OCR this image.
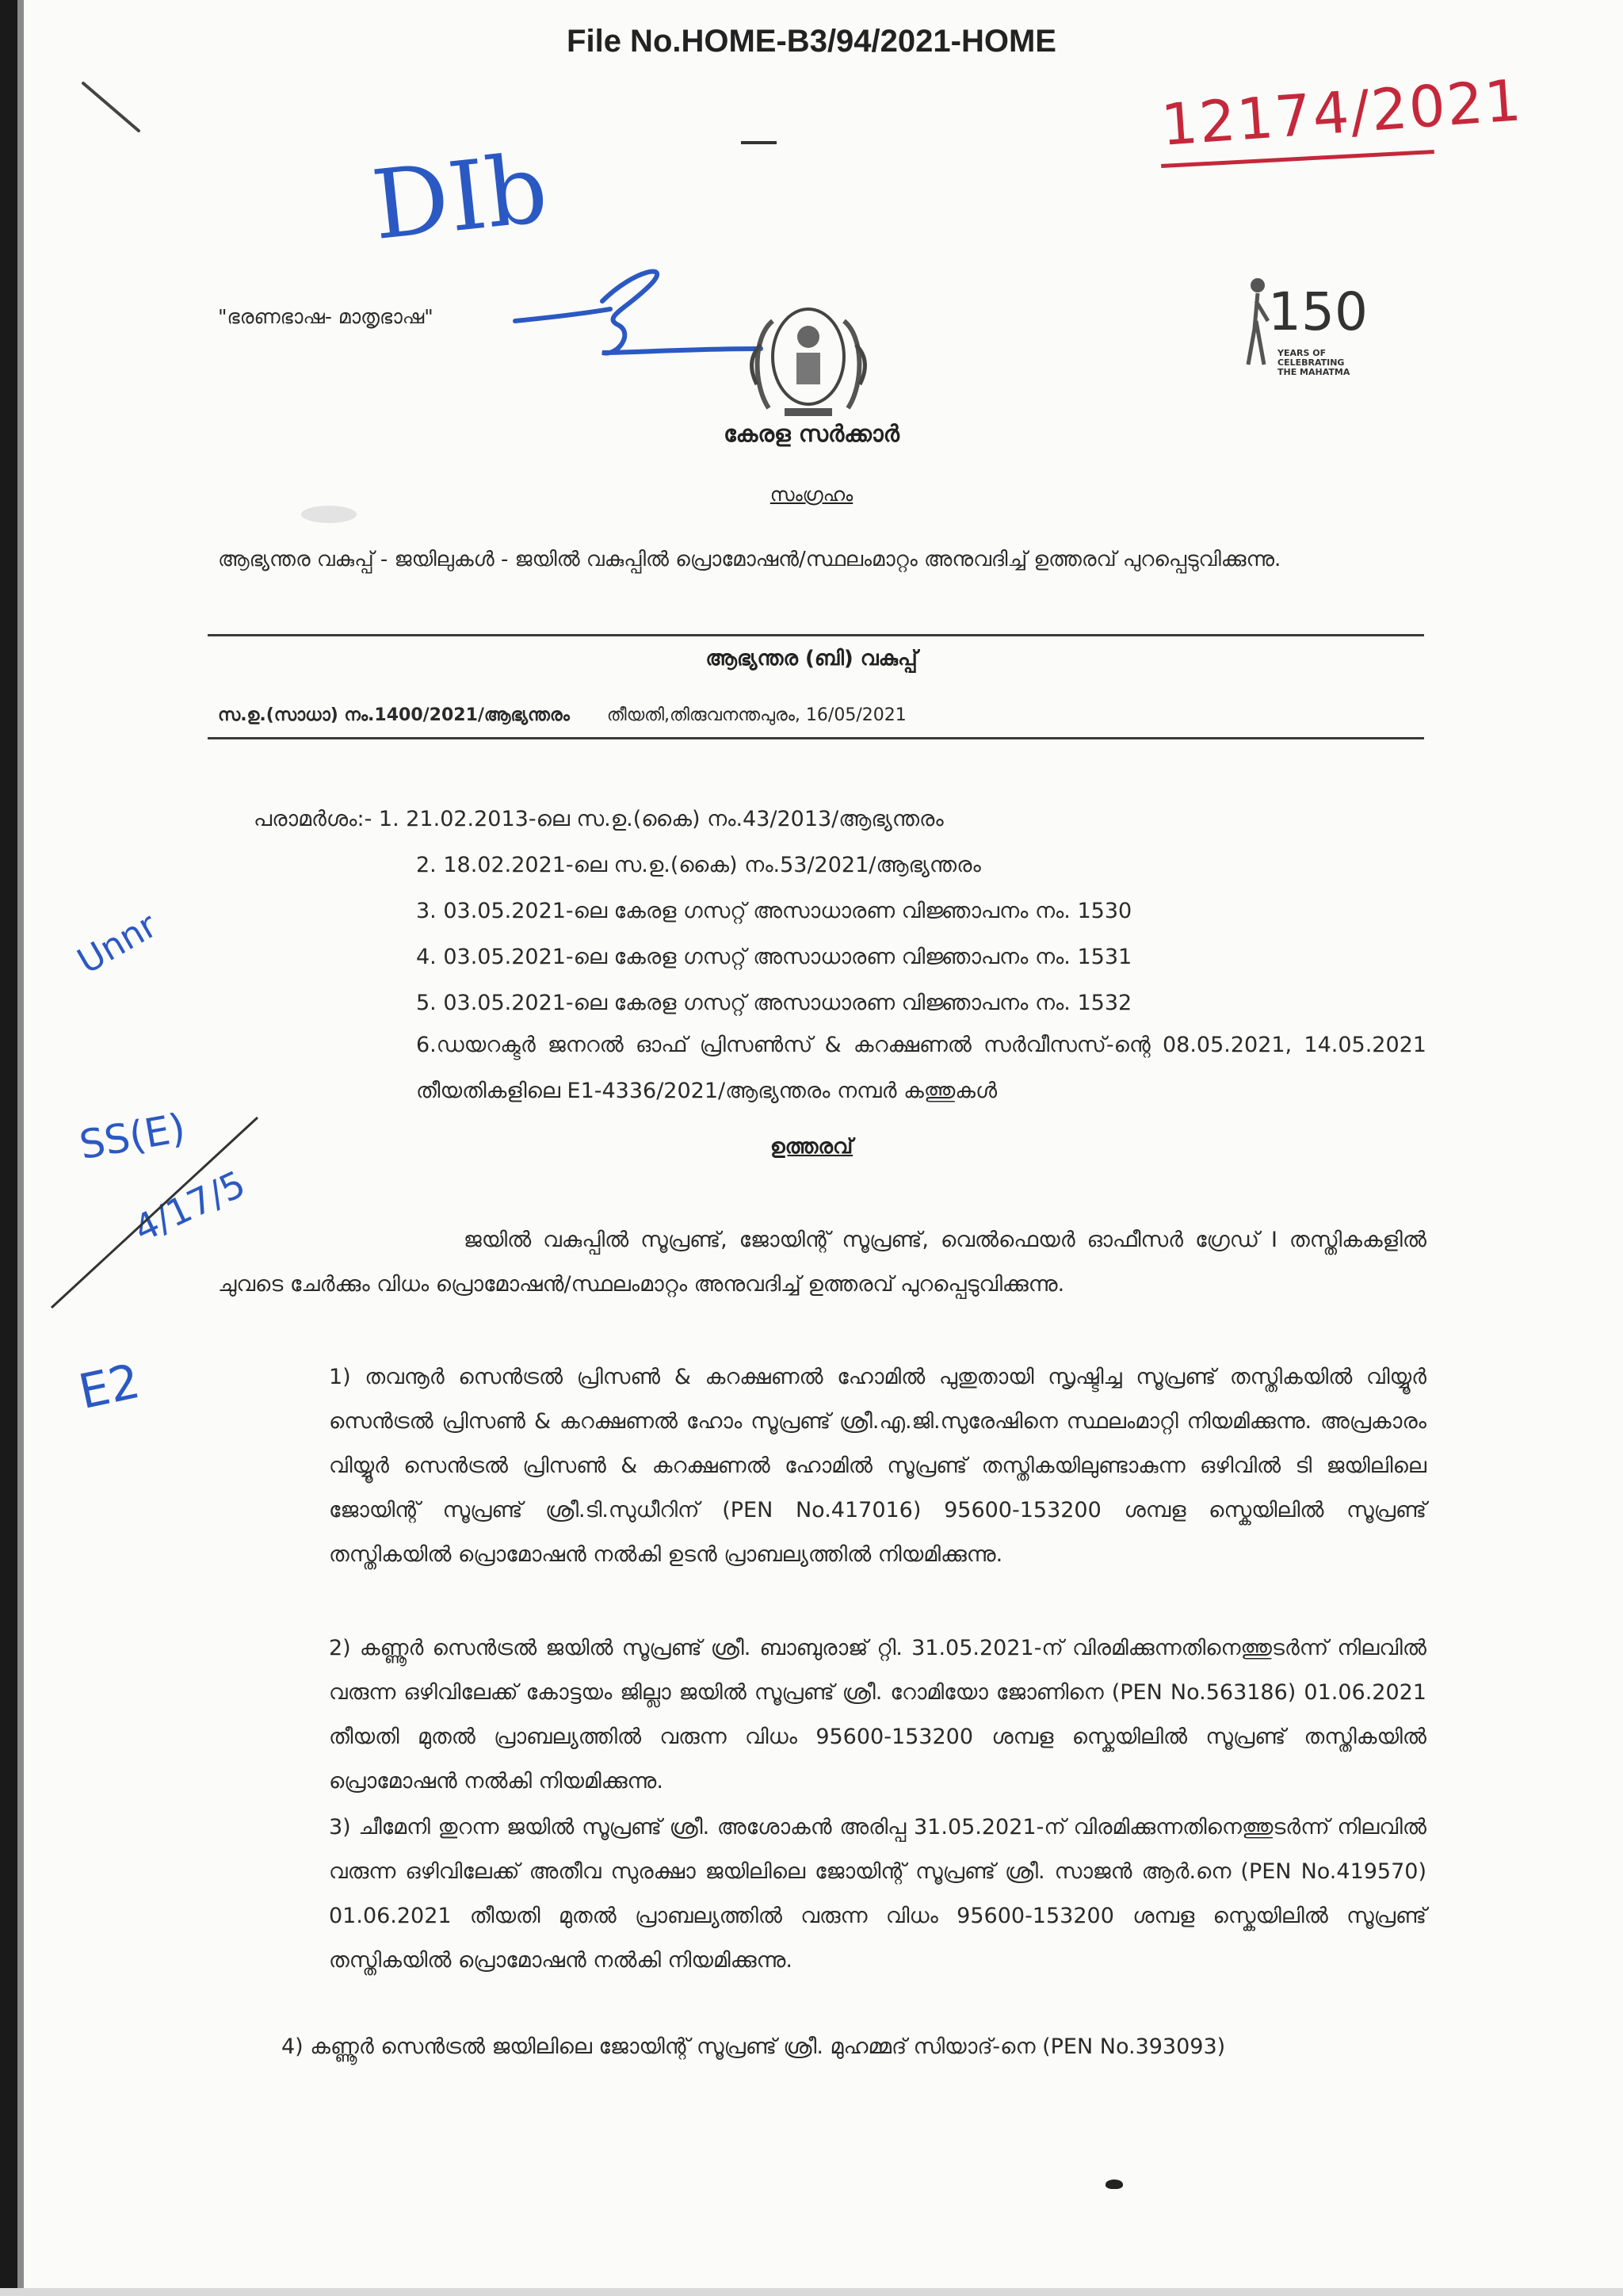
File No.HOME-B3/94/2021-HOME
12174/2021
DIb
"ഭരണഭാഷ- മാതൃഭാഷ"	150
YEARS OF
CELEBRATING
THE MAHATMA
കേരള സർക്കാർ
സംഗ്രഹം
ആഭ്യന്തര വകുപ്പ് - ജയിലുകൾ - ജയിൽ വകുപ്പിൽ പ്രൊമോഷൻ/സ്ഥലംമാറ്റം അനുവദിച്ച് ഉത്തരവ് പുറപ്പെടുവിക്കുന്നു.
ആഭ്യന്തര (ബി) വകുപ്പ്
സ.ഉ.(സാധാ) നം.1400/2021/ആഭ്യന്തരം തീയതി,തിരുവനന്തപുരം, 16/05/2021
പരാമർശം:- 1. 21.02.2013-ലെ സ.ഉ.(കൈ) നം.43/2013/ആഭ്യന്തരം
2. 18.02.2021-ലെ സ.ഉ.(കൈ) നം.53/2021/ആഭ്യന്തരം
3. 03.05.2021-ലെ കേരള ഗസറ്റ് അസാധാരണ വിജ്ഞാപനം നം. 1530
4. 03.05.2021-ലെ കേരള ഗസറ്റ് അസാധാരണ വിജ്ഞാപനം നം. 1531
5. 03.05.2021-ലെ കേരള ഗസറ്റ് അസാധാരണ വിജ്ഞാപനം നം. 1532
6.ഡയറക്ടർ ജനറൽ ഓഫ് പ്രിസൺസ് & കറക്ഷണൽ സർവീസസ്-ന്റെ 08.05.2021, 14.05.2021 തീയതികളിലെ E1-4336/2021/ആഭ്യന്തരം നമ്പർ കത്തുകൾ
Unnr
SS(E)
4/17/5
E2
ഉത്തരവ്
ജയിൽ വകുപ്പിൽ സൂപ്രണ്ട്, ജോയിന്റ് സൂപ്രണ്ട്, വെൽഫെയർ ഓഫീസർ ഗ്രേഡ് I തസ്തികകളിൽ ചുവടെ ചേർക്കും വിധം പ്രൊമോഷൻ/സ്ഥലംമാറ്റം അനുവദിച്ച് ഉത്തരവ് പുറപ്പെടുവിക്കുന്നു.
1) തവനൂർ സെൻട്രൽ പ്രിസൺ & കറക്ഷണൽ ഹോമിൽ പുതുതായി സൃഷ്ടിച്ച സൂപ്രണ്ട് തസ്തികയിൽ വിയ്യൂർ സെൻട്രൽ പ്രിസൺ & കറക്ഷണൽ ഹോം സൂപ്രണ്ട് ശ്രീ.എ.ജി.സുരേഷിനെ സ്ഥലംമാറ്റി നിയമിക്കുന്നു. അപ്രകാരം വിയ്യൂർ സെൻട്രൽ പ്രിസൺ & കറക്ഷണൽ ഹോമിൽ സൂപ്രണ്ട് തസ്തികയിലുണ്ടാകുന്ന ഒഴിവിൽ ടി ജയിലിലെ ജോയിന്റ് സൂപ്രണ്ട് ശ്രീ.ടി.സുധീറിന് (PEN No.417016) 95600-153200 ശമ്പള സ്കെയിലിൽ സൂപ്രണ്ട് തസ്തികയിൽ പ്രൊമോഷൻ നൽകി ഉടൻ പ്രാബല്യത്തിൽ നിയമിക്കുന്നു.
2) കണ്ണൂർ സെൻട്രൽ ജയിൽ സൂപ്രണ്ട് ശ്രീ. ബാബുരാജ് റ്റി. 31.05.2021-ന് വിരമിക്കുന്നതിനെത്തുടർന്ന് നിലവിൽ വരുന്ന ഒഴിവിലേക്ക് കോട്ടയം ജില്ലാ ജയിൽ സൂപ്രണ്ട് ശ്രീ. റോമിയോ ജോണിനെ (PEN No.563186) 01.06.2021 തീയതി മുതൽ പ്രാബല്യത്തിൽ വരുന്ന വിധം 95600-153200 ശമ്പള സ്കെയിലിൽ സൂപ്രണ്ട് തസ്തികയിൽ പ്രൊമോഷൻ നൽകി നിയമിക്കുന്നു.
3) ചീമേനി തുറന്ന ജയിൽ സൂപ്രണ്ട് ശ്രീ. അശോകൻ അരിപ്പ 31.05.2021-ന് വിരമിക്കുന്നതിനെത്തുടർന്ന് നിലവിൽ വരുന്ന ഒഴിവിലേക്ക് അതീവ സുരക്ഷാ ജയിലിലെ ജോയിന്റ് സൂപ്രണ്ട് ശ്രീ. സാജൻ ആർ.നെ (PEN No.419570) 01.06.2021 തീയതി മുതൽ പ്രാബല്യത്തിൽ വരുന്ന വിധം 95600-153200 ശമ്പള സ്കെയിലിൽ സൂപ്രണ്ട് തസ്തികയിൽ പ്രൊമോഷൻ നൽകി നിയമിക്കുന്നു.
4) കണ്ണൂർ സെൻട്രൽ ജയിലിലെ ജോയിന്റ് സൂപ്രണ്ട് ശ്രീ. മുഹമ്മദ് സിയാദ്-നെ (PEN No.393093)
